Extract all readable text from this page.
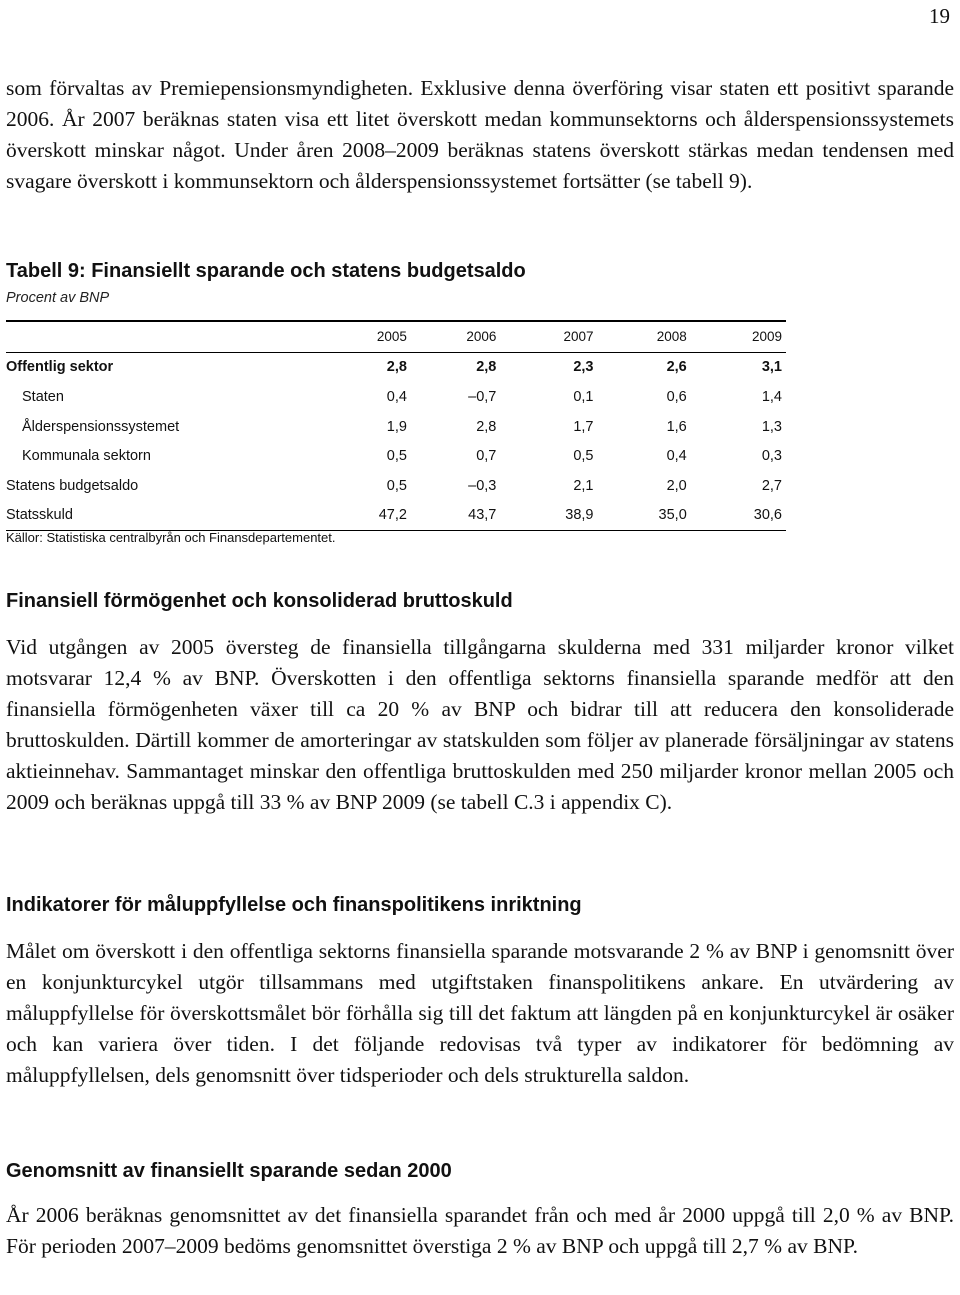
19

som förvaltas av Premiepensionsmyndigheten. Exklusive denna överföring visar staten ett positivt sparande 2006. År 2007 beräknas staten visa ett litet överskott medan kommunsektorns och ålderspensionssystemets överskott minskar något. Under åren 2008–2009 beräknas statens överskott stärkas medan tendensen med svagare överskott i kommunsektorn och ålderspensionssystemet fortsätter (se tabell 9).

Tabell 9: Finansiellt sparande och statens budgetsaldo

Procent av BNP

	2005	2006	2007	2008	2009
Offentlig sektor	2,8	2,8	2,3	2,6	3,1
Staten	0,4	–0,7	0,1	0,6	1,4
Ålderspensionssystemet	1,9	2,8	1,7	1,6	1,3
Kommunala sektorn	0,5	0,7	0,5	0,4	0,3
Statens budgetsaldo	0,5	–0,3	2,1	2,0	2,7
Statsskuld	47,2	43,7	38,9	35,0	30,6

Källor: Statistiska centralbyrån och Finansdepartementet.

Finansiell förmögenhet och konsoliderad bruttoskuld

Vid utgången av 2005 översteg de finansiella tillgångarna skulderna med 331 miljarder kronor vilket motsvarar 12,4 % av BNP. Överskotten i den offentliga sektorns finansiella sparande medför att den finansiella förmögenheten växer till ca 20 % av BNP och bidrar till att reducera den konsoliderade bruttoskulden. Därtill kommer de amorteringar av statskulden som följer av planerade försäljningar av statens aktieinnehav. Sammantaget minskar den offentliga bruttoskulden med 250 miljarder kronor mellan 2005 och 2009 och beräknas uppgå till 33 % av BNP 2009 (se tabell C.3 i appendix C).

Indikatorer för måluppfyllelse och finanspolitikens inriktning

Målet om överskott i den offentliga sektorns finansiella sparande motsvarande 2 % av BNP i genomsnitt över en konjunkturcykel utgör tillsammans med utgiftstaken finanspolitikens ankare. En utvärdering av måluppfyllelse för överskottsmålet bör förhålla sig till det faktum att längden på en konjunkturcykel är osäker och kan variera över tiden. I det följande redovisas två typer av indikatorer för bedömning av måluppfyllelsen, dels genomsnitt över tidsperioder och dels strukturella saldon.

Genomsnitt av finansiellt sparande sedan 2000

År 2006 beräknas genomsnittet av det finansiella sparandet från och med år 2000 uppgå till 2,0 % av BNP. För perioden 2007–2009 bedöms genomsnittet överstiga 2 % av BNP och uppgå till 2,7 % av BNP.
